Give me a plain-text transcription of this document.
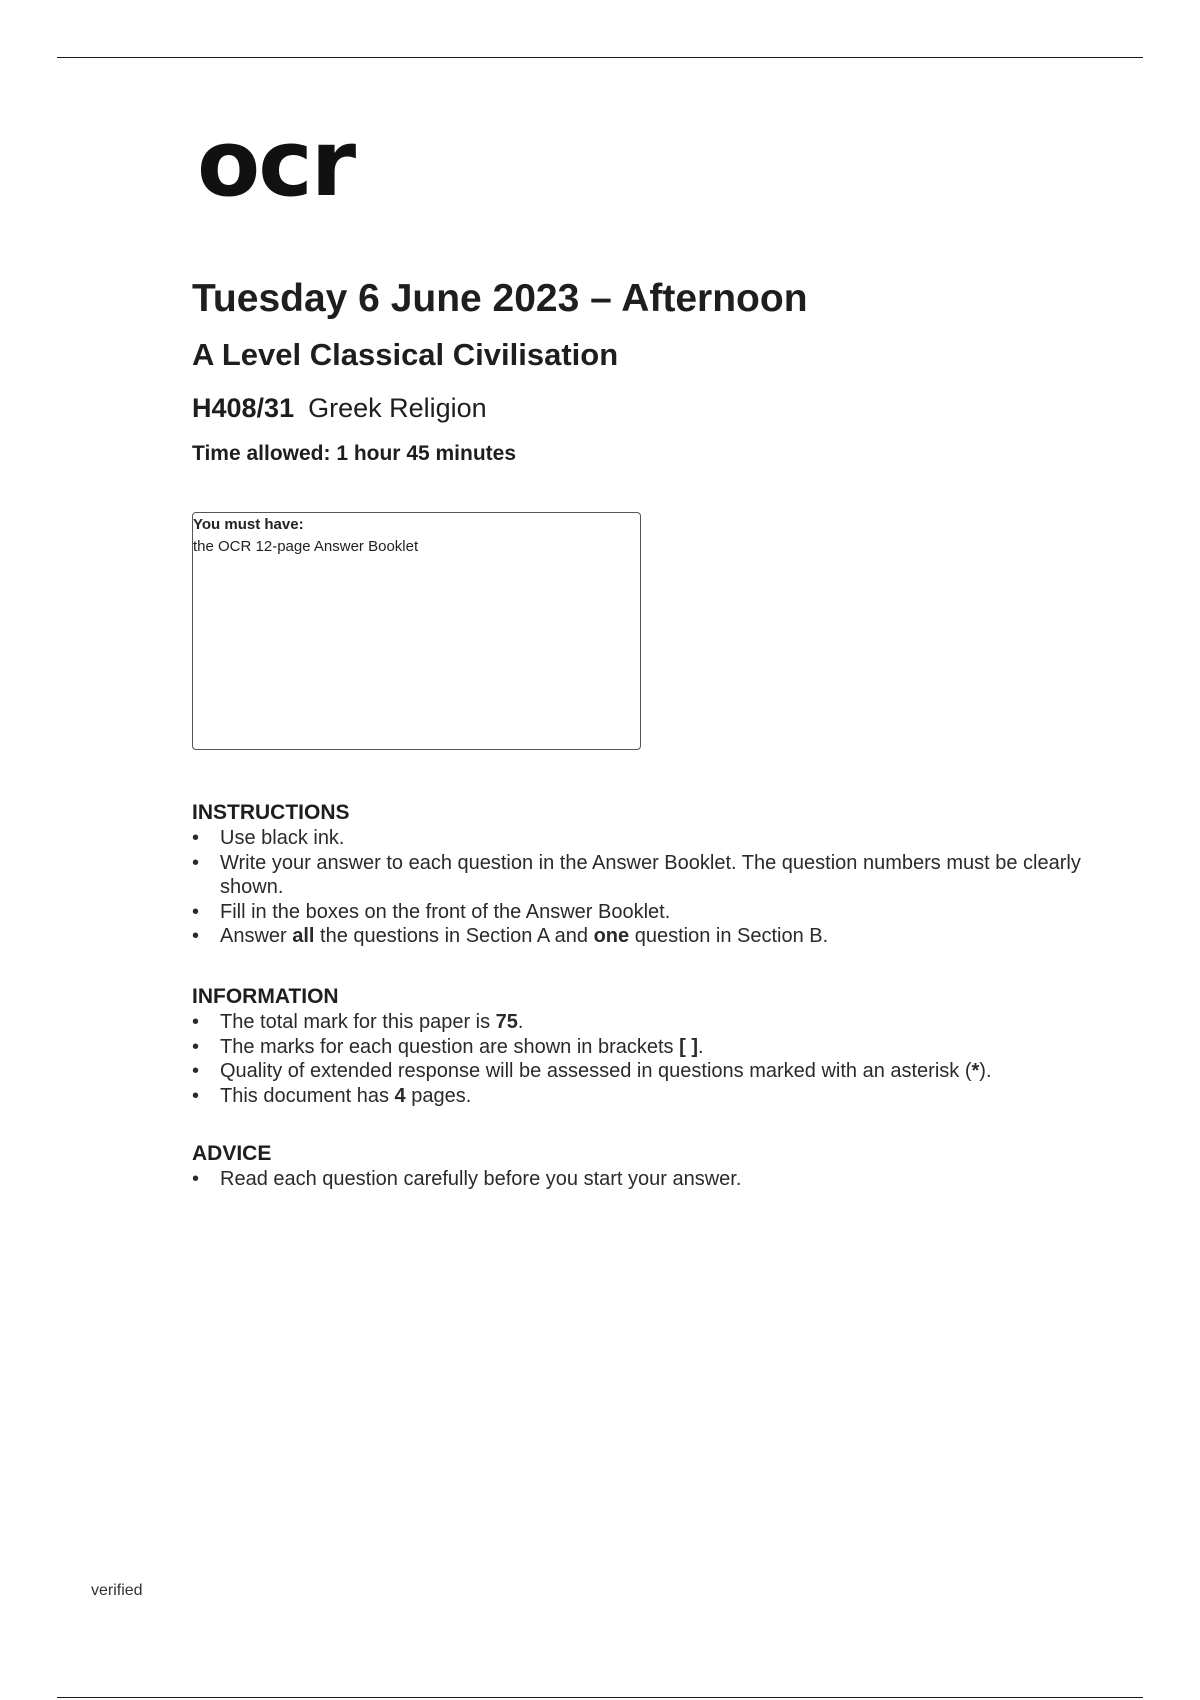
ocr
Tuesday 6 June 2023 – Afternoon
A Level Classical Civilisation
H408/31 Greek Religion
Time allowed: 1 hour 45 minutes
You must have:
the OCR 12-page Answer Booklet
INSTRUCTIONS
• Use black ink.
• Write your answer to each question in the Answer Booklet. The question numbers must be clearly shown.
• Fill in the boxes on the front of the Answer Booklet.
• Answer all the questions in Section A and one question in Section B.
INFORMATION
• The total mark for this paper is 75.
• The marks for each question are shown in brackets [ ].
• Quality of extended response will be assessed in questions marked with an asterisk (*).
• This document has 4 pages.
ADVICE
• Read each question carefully before you start your answer.
verified
